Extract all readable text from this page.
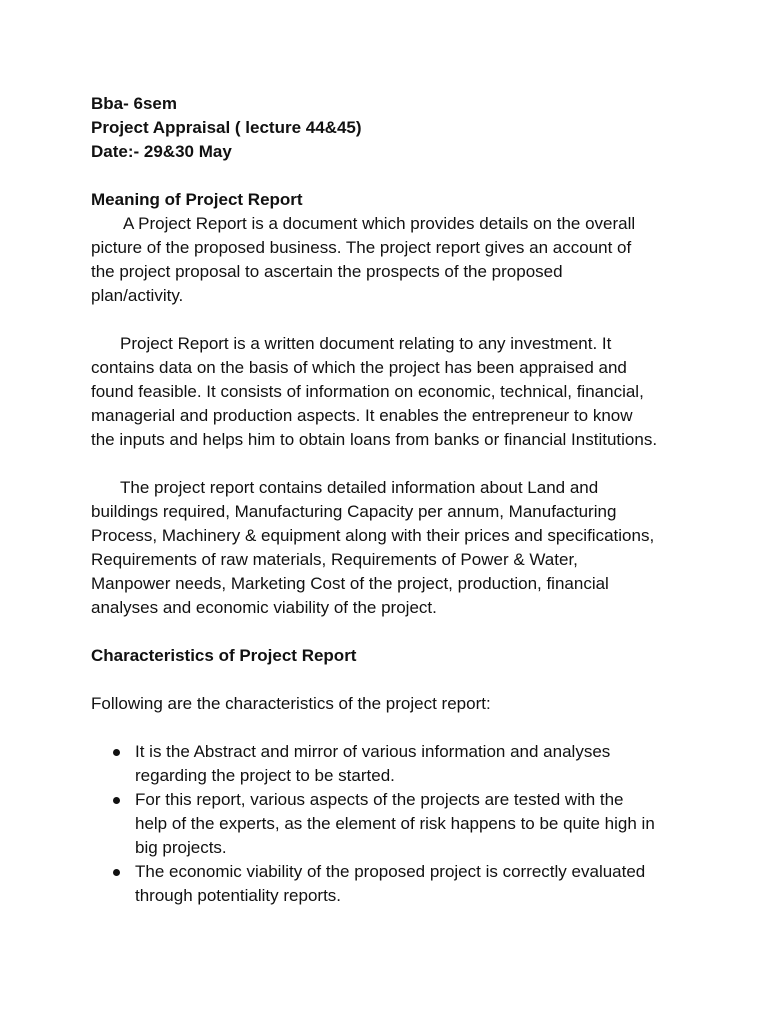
Bba- 6sem

Project Appraisal ( lecture 44&45)

Date:- 29&30 May

Meaning of Project Report

A Project Report is a document which provides details on the overall
picture of the proposed business. The project report gives an account of
the project proposal to ascertain the prospects of the proposed
plan/activity.
Project Report is a written document relating to any investment. It
contains data on the basis of which the project has been appraised and
found feasible. It consists of information on economic, technical, financial,
managerial and production aspects. It enables the entrepreneur to know
the inputs and helps him to obtain loans from banks or financial Institutions.
The project report contains detailed information about Land and
buildings required, Manufacturing Capacity per annum, Manufacturing
Process, Machinery & equipment along with their prices and specifications,
Requirements of raw materials, Requirements of Power & Water,
Manpower needs, Marketing Cost of the project, production, financial
analyses and economic viability of the project.

Characteristics of Project Report

Following are the characteristics of the project report:

It is the Abstract and mirror of various information and analyses
regarding the project to be started.
For this report, various aspects of the projects are tested with the
help of the experts, as the element of risk happens to be quite high in
big projects.
The economic viability of the proposed project is correctly evaluated
through potentiality reports.
